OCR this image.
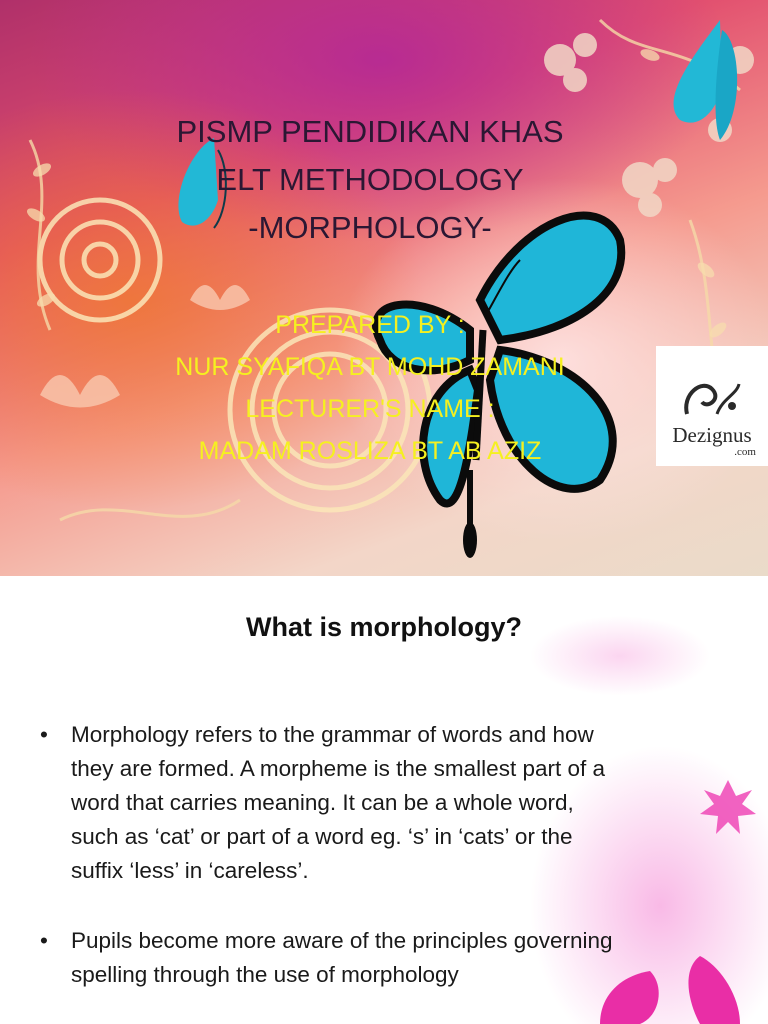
PISMP PENDIDIKAN KHAS
ELT METHODOLOGY
-MORPHOLOGY-
PREPARED BY :
NUR SYAFIQA BT MOHD ZAMANI
LECTURER'S NAME :
MADAM ROSLIZA BT AB AZIZ
Dezignus
.com
What is morphology?
• Morphology refers to the grammar of words and how
they are formed. A morpheme is the smallest part of a
word that carries meaning. It can be a whole word,
such as ‘cat’ or part of a word eg. ‘s’ in ‘cats’ or the
suffix ‘less’ in ‘careless’.
• Pupils become more aware of the principles governing
spelling through the use of morphology
